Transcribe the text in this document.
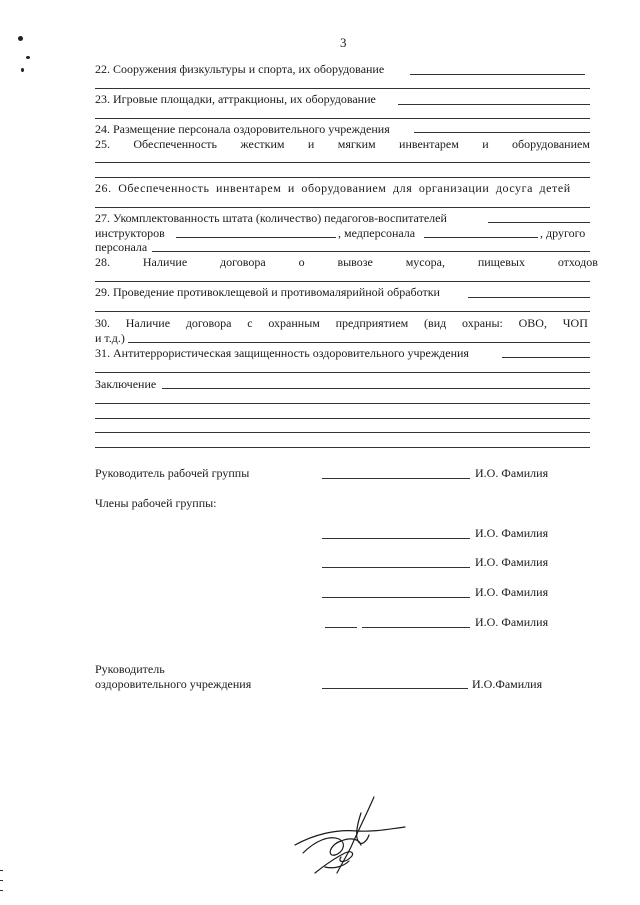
3
22. Сооружения физкультуры и спорта, их оборудование
23. Игровые площадки, аттракционы, их оборудование
24. Размещение персонала оздоровительного учреждения
25. Обеспеченность жестким и мягким инвентарем и оборудованием
26. Обеспеченность инвентарем и оборудованием для организации досуга детей
27. Укомплектованность штата (количество) педагогов-воспитателей
инструкторов	, медперсонала	, другого
персонала
28.	Наличие	договора	о	вывозе	мусора,	пищевых	отходов
29. Проведение противоклещевой и противомалярийной обработки
30. Наличие договора с охранным предприятием (вид охраны: ОВО, ЧОП
и т.д.)
31. Антитеррористическая защищенность оздоровительного учреждения
Заключение
Руководитель рабочей группы	И.О. Фамилия
Члены рабочей группы:
И.О. Фамилия
И.О. Фамилия
И.О. Фамилия
И.О. Фамилия
Руководитель
оздоровительного учреждения	И.О.Фамилия
